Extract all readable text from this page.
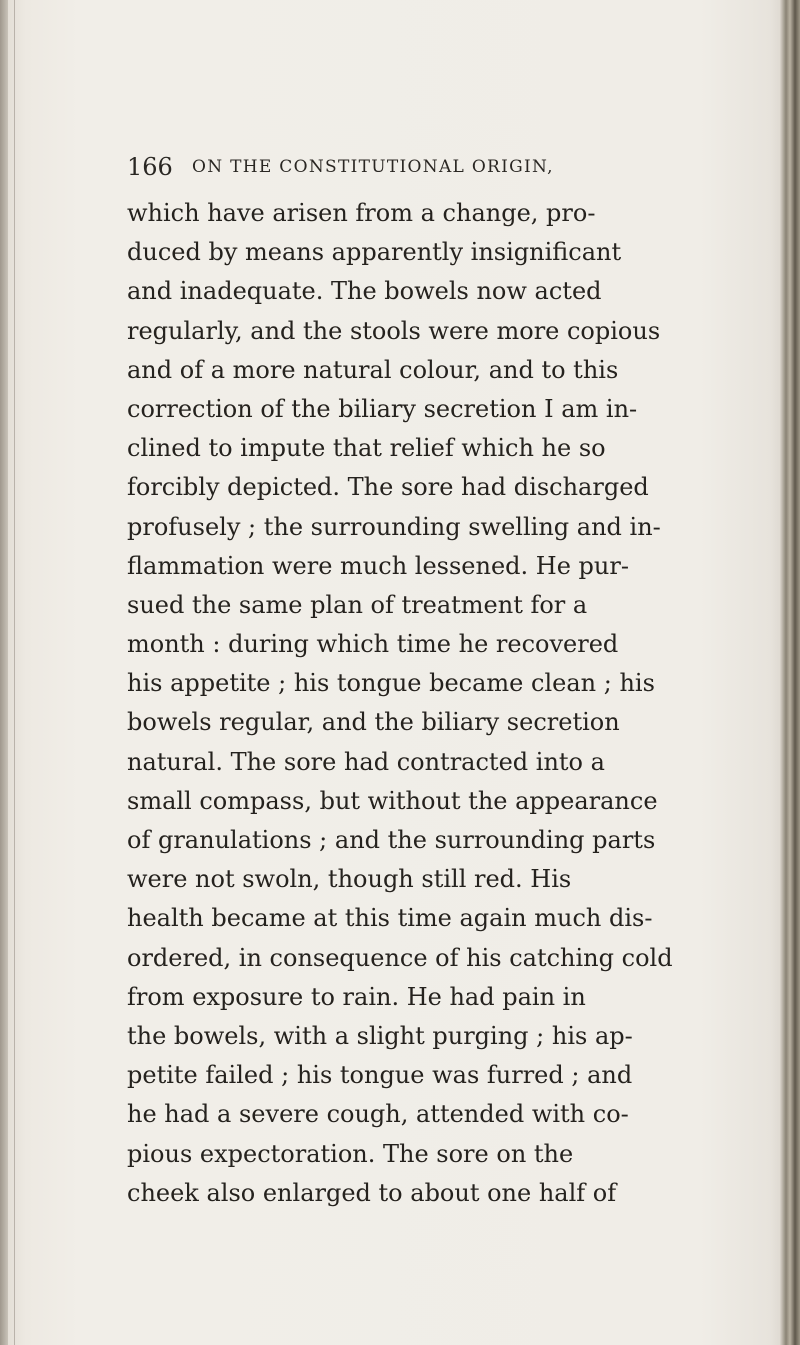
166 ON THE CONSTITUTIONAL ORIGIN,
which have arisen from a change, pro-
duced by means apparently insignificant
and inadequate. The bowels now acted
regularly, and the stools were more copious
and of a more natural colour, and to this
correction of the biliary secretion I am in-
clined to impute that relief which he so
forcibly depicted. The sore had discharged
profusely ; the surrounding swelling and in-
flammation were much lessened. He pur-
sued the same plan of treatment for a
month : during which time he recovered
his appetite ; his tongue became clean ; his
bowels regular, and the biliary secretion
natural. The sore had contracted into a
small compass, but without the appearance
of granulations ; and the surrounding parts
were not swoln, though still red. His
health became at this time again much dis-
ordered, in consequence of his catching cold
from exposure to rain. He had pain in
the bowels, with a slight purging ; his ap-
petite failed ; his tongue was furred ; and
he had a severe cough, attended with co-
pious expectoration. The sore on the
cheek also enlarged to about one half of
